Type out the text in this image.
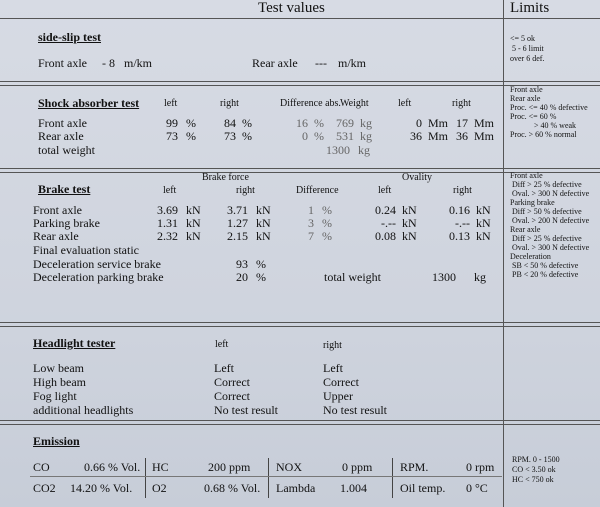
Test values	Limits
side-slip test
Front axle - 8 m/km	Rear axle --- m/km
<= 5 ok
5 - 6 limit
over 6 def.
Shock absorber test left	right	Difference abs. Weight	left	right
Front axle	99 %	84 %	16 %	769 kg	0 Mm 17 Mm
Rear axle	73 %	73 %	0 %	531 kg	36 Mm 36 Mm
total weight	1300 kg
Front axle
Rear axle
Proc. <= 40 % defective
Proc. <= 60 %
> 40 % weak
Proc. > 60 % normal
Brake force	Ovality
Brake test	left	right	Difference	left	right
Front axle	3.69 kN	3.71 kN	1 %	0.24 kN	0.16 kN
Parking brake	1.31 kN	1.27 kN	3 %	-.-- kN	-.-- kN
Rear axle	2.32 kN	2.15 kN	7 %	0.08 kN	0.13 kN
Final evaluation static
Deceleration service brake	93 %
Deceleration parking brake	20 %	total weight	1300 kg
Front axle
Diff > 25 % defective
Oval. > 300 N defective
Parking brake
Diff > 50 % defective
Oval. > 200 N defective
Rear axle
Diff > 25 % defective
Oval. > 300 N defective
Deceleration
SB < 50 % defective
PB < 20 % defective
Headlight tester	left	right
Low beam	Left	Left
High beam	Correct	Correct
Fog light	Correct	Upper
additional headlights	No test result	No test result
Emission
CO	0.66 % Vol. HC	200 ppm NOX	0 ppm RPM.	0 rpm
CO2 14.20 % Vol. O2	0.68 % Vol. Lambda 1.004	Oil temp. 0 °C
RPM. 0 - 1500
CO < 3.50 ok
HC < 750 ok
